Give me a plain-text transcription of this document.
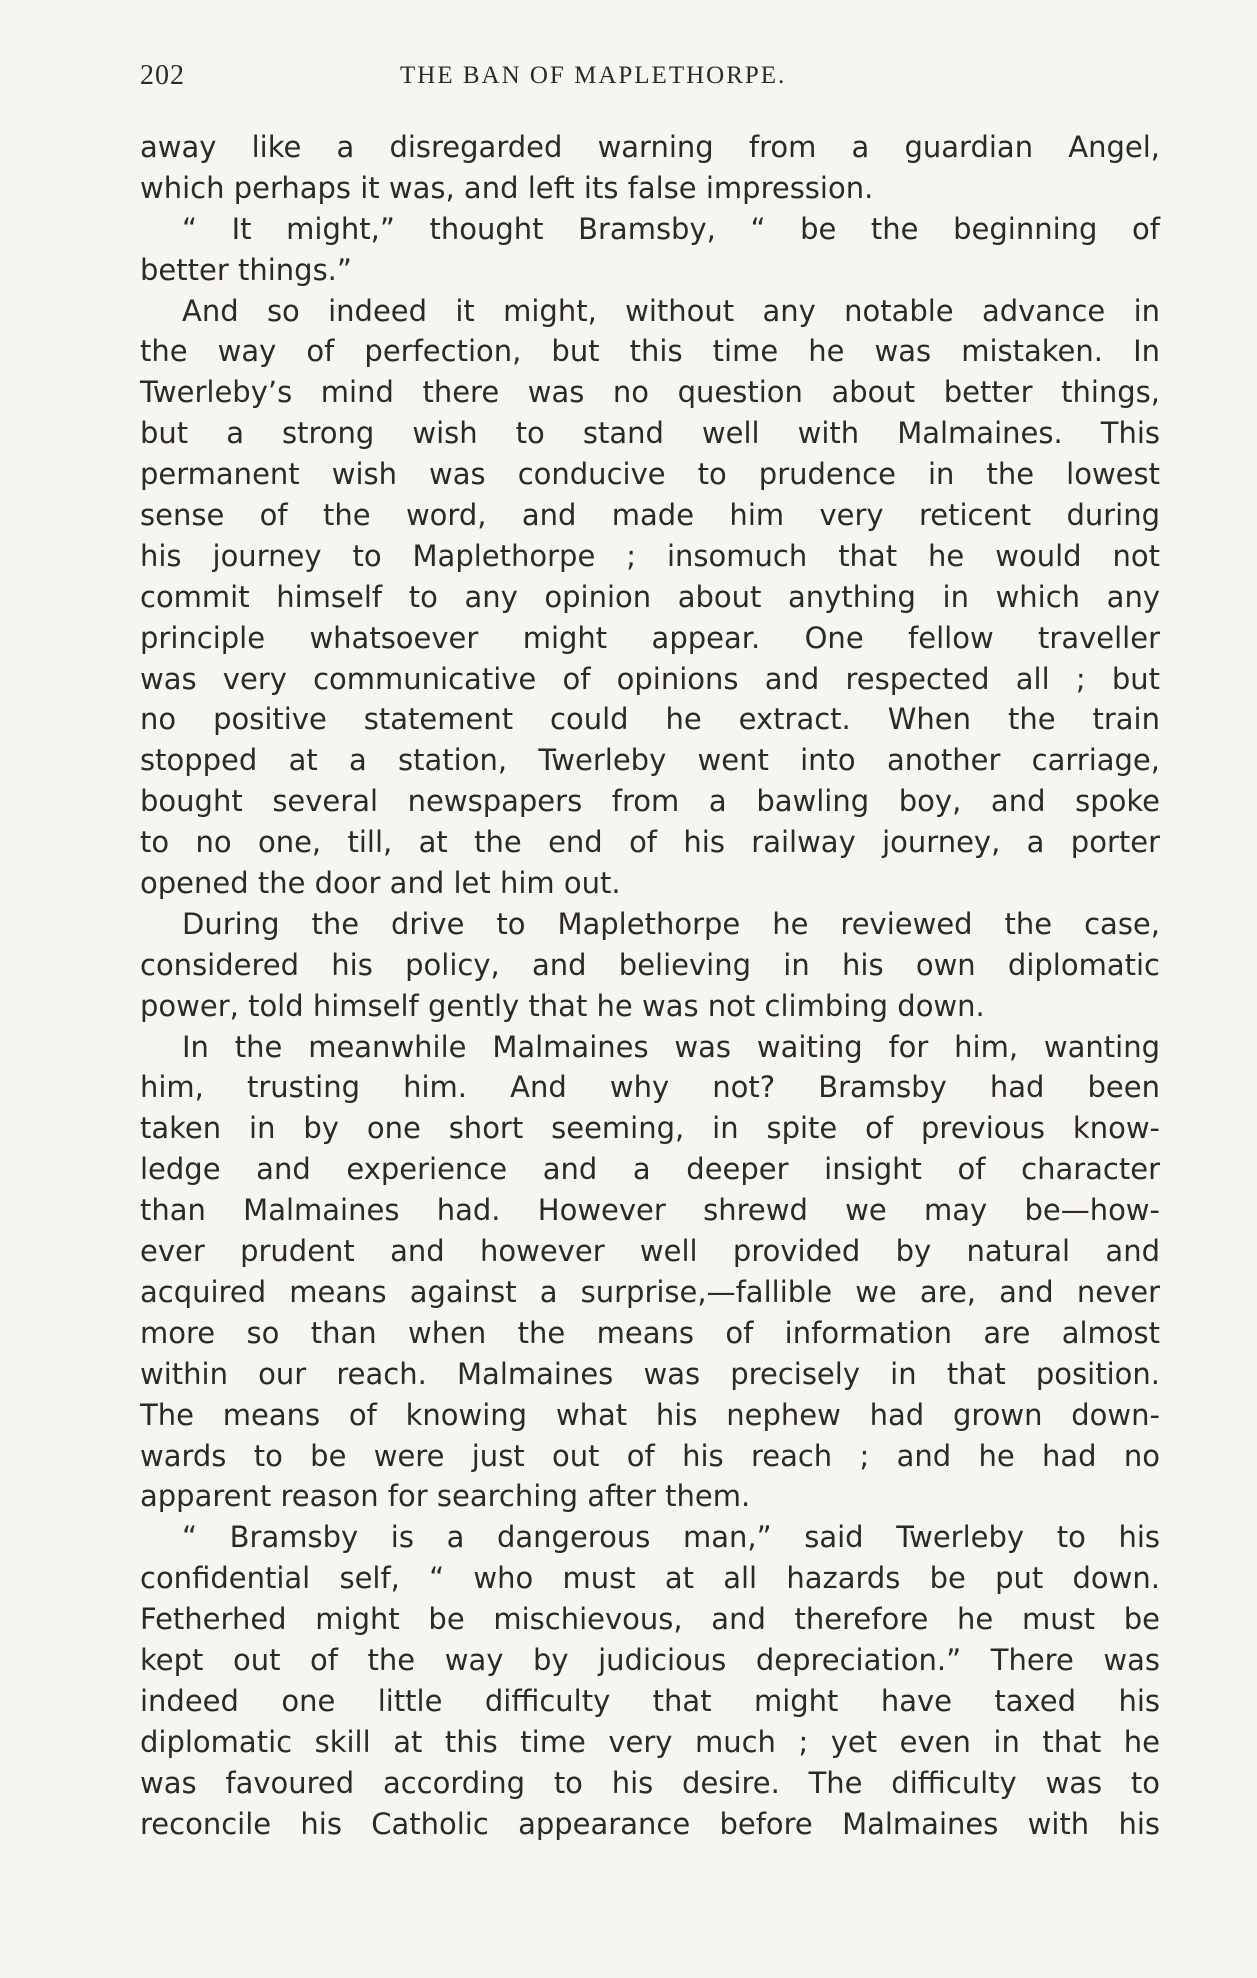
202	THE BAN OF MAPLETHORPE.
away like a disregarded warning from a guardian Angel,
which perhaps it was, and left its false impression.
“ It might,” thought Bramsby, “ be the beginning of
better things.”
And so indeed it might, without any notable advance in
the way of perfection, but this time he was mistaken. In
Twerleby’s mind there was no question about better things,
but a strong wish to stand well with Malmaines. This
permanent wish was conducive to prudence in the lowest
sense of the word, and made him very reticent during
his journey to Maplethorpe ; insomuch that he would not
commit himself to any opinion about anything in which any
principle whatsoever might appear. One fellow traveller
was very communicative of opinions and respected all ; but
no positive statement could he extract. When the train
stopped at a station, Twerleby went into another carriage,
bought several newspapers from a bawling boy, and spoke
to no one, till, at the end of his railway journey, a porter
opened the door and let him out.
During the drive to Maplethorpe he reviewed the case,
considered his policy, and believing in his own diplomatic
power, told himself gently that he was not climbing down.
In the meanwhile Malmaines was waiting for him, wanting
him, trusting him. And why not? Bramsby had been
taken in by one short seeming, in spite of previous know-
ledge and experience and a deeper insight of character
than Malmaines had. However shrewd we may be—how-
ever prudent and however well provided by natural and
acquired means against a surprise,—fallible we are, and never
more so than when the means of information are almost
within our reach. Malmaines was precisely in that position.
The means of knowing what his nephew had grown down-
wards to be were just out of his reach ; and he had no
apparent reason for searching after them.
“ Bramsby is a dangerous man,” said Twerleby to his
confidential self, “ who must at all hazards be put down.
Fetherhed might be mischievous, and therefore he must be
kept out of the way by judicious depreciation.” There was
indeed one little difficulty that might have taxed his
diplomatic skill at this time very much ; yet even in that he
was favoured according to his desire. The difficulty was to
reconcile his Catholic appearance before Malmaines with his
